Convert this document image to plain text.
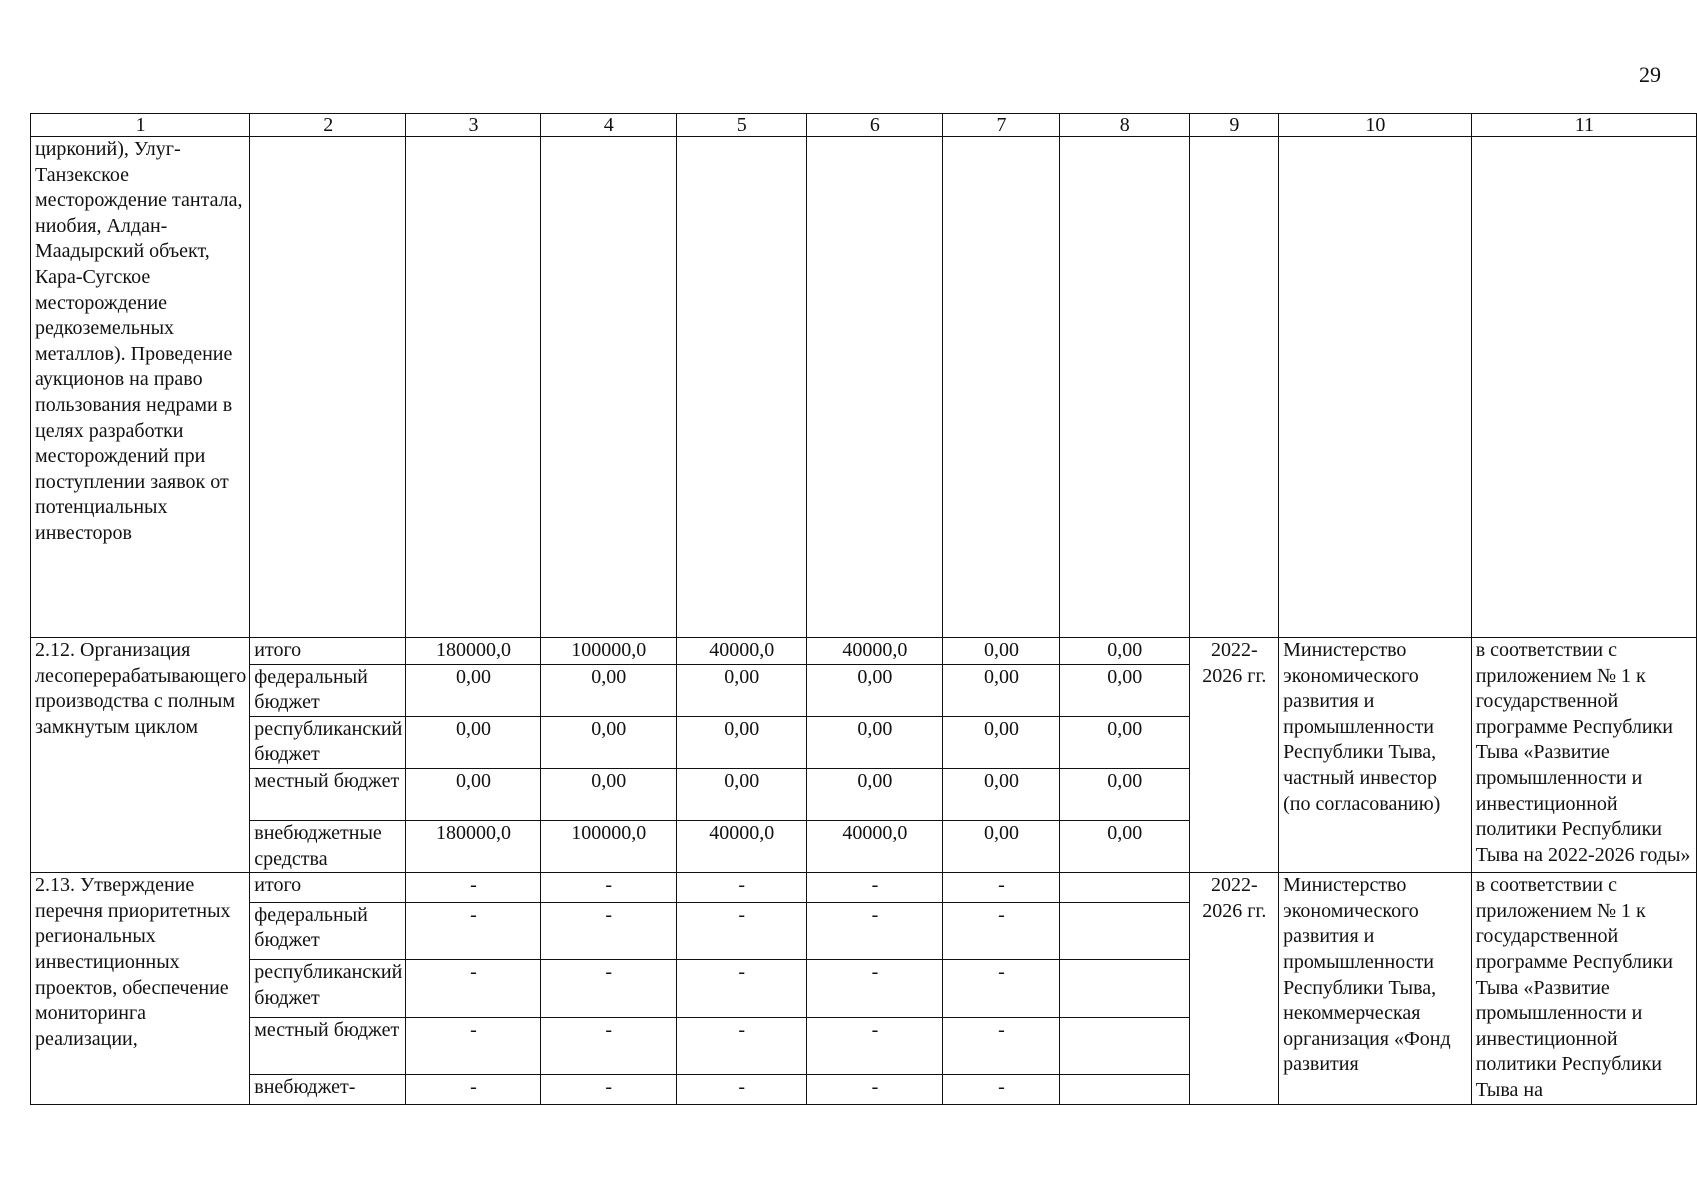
29
1	2	3	4	5	6	7	8	9	10	11
цирконий), Улуг-Танзекское месторождение тантала, ниобия, Алдан-Маадырский объект, Кара-Сугское месторождение редкоземельных металлов). Проведение аукционов на право пользования недрами в целях разработки месторождений при поступлении заявок от потенциальных инвесторов										
2.12. Организация лесоперерабатывающего производства с полным замкнутым циклом	итого	180000,0	100000,0	40000,0	40000,0	0,00	0,00	2022-2026 гг.	Министерство экономического развития и промышленности Республики Тыва, частный инвестор (по согласованию)	в соответствии с приложением № 1 к государственной программе Республики Тыва «Развитие промышленности и инвестиционной политики Республики Тыва на 2022-2026 годы»
	федеральный бюджет	0,00	0,00	0,00	0,00	0,00	0,00			
	республиканский бюджет	0,00	0,00	0,00	0,00	0,00	0,00			
	местный бюджет	0,00	0,00	0,00	0,00	0,00	0,00			
	внебюджетные средства	180000,0	100000,0	40000,0	40000,0	0,00	0,00			
2.13. Утверждение перечня приоритетных региональных инвестиционных проектов, обеспечение мониторинга реализации,	итого	-	-	-	-	-		2022-2026 гг.	Министерство экономического развития и промышленности Республики Тыва, некоммерческая организация «Фонд развития	в соответствии с приложением № 1 к государственной программе Республики Тыва «Развитие промышленности и инвестиционной политики Республики Тыва на
	федеральный бюджет	-	-	-	-	-				
	республиканский бюджет	-	-	-	-	-				
	местный бюджет	-	-	-	-	-				
	внебюджет-	-	-	-	-	-				
